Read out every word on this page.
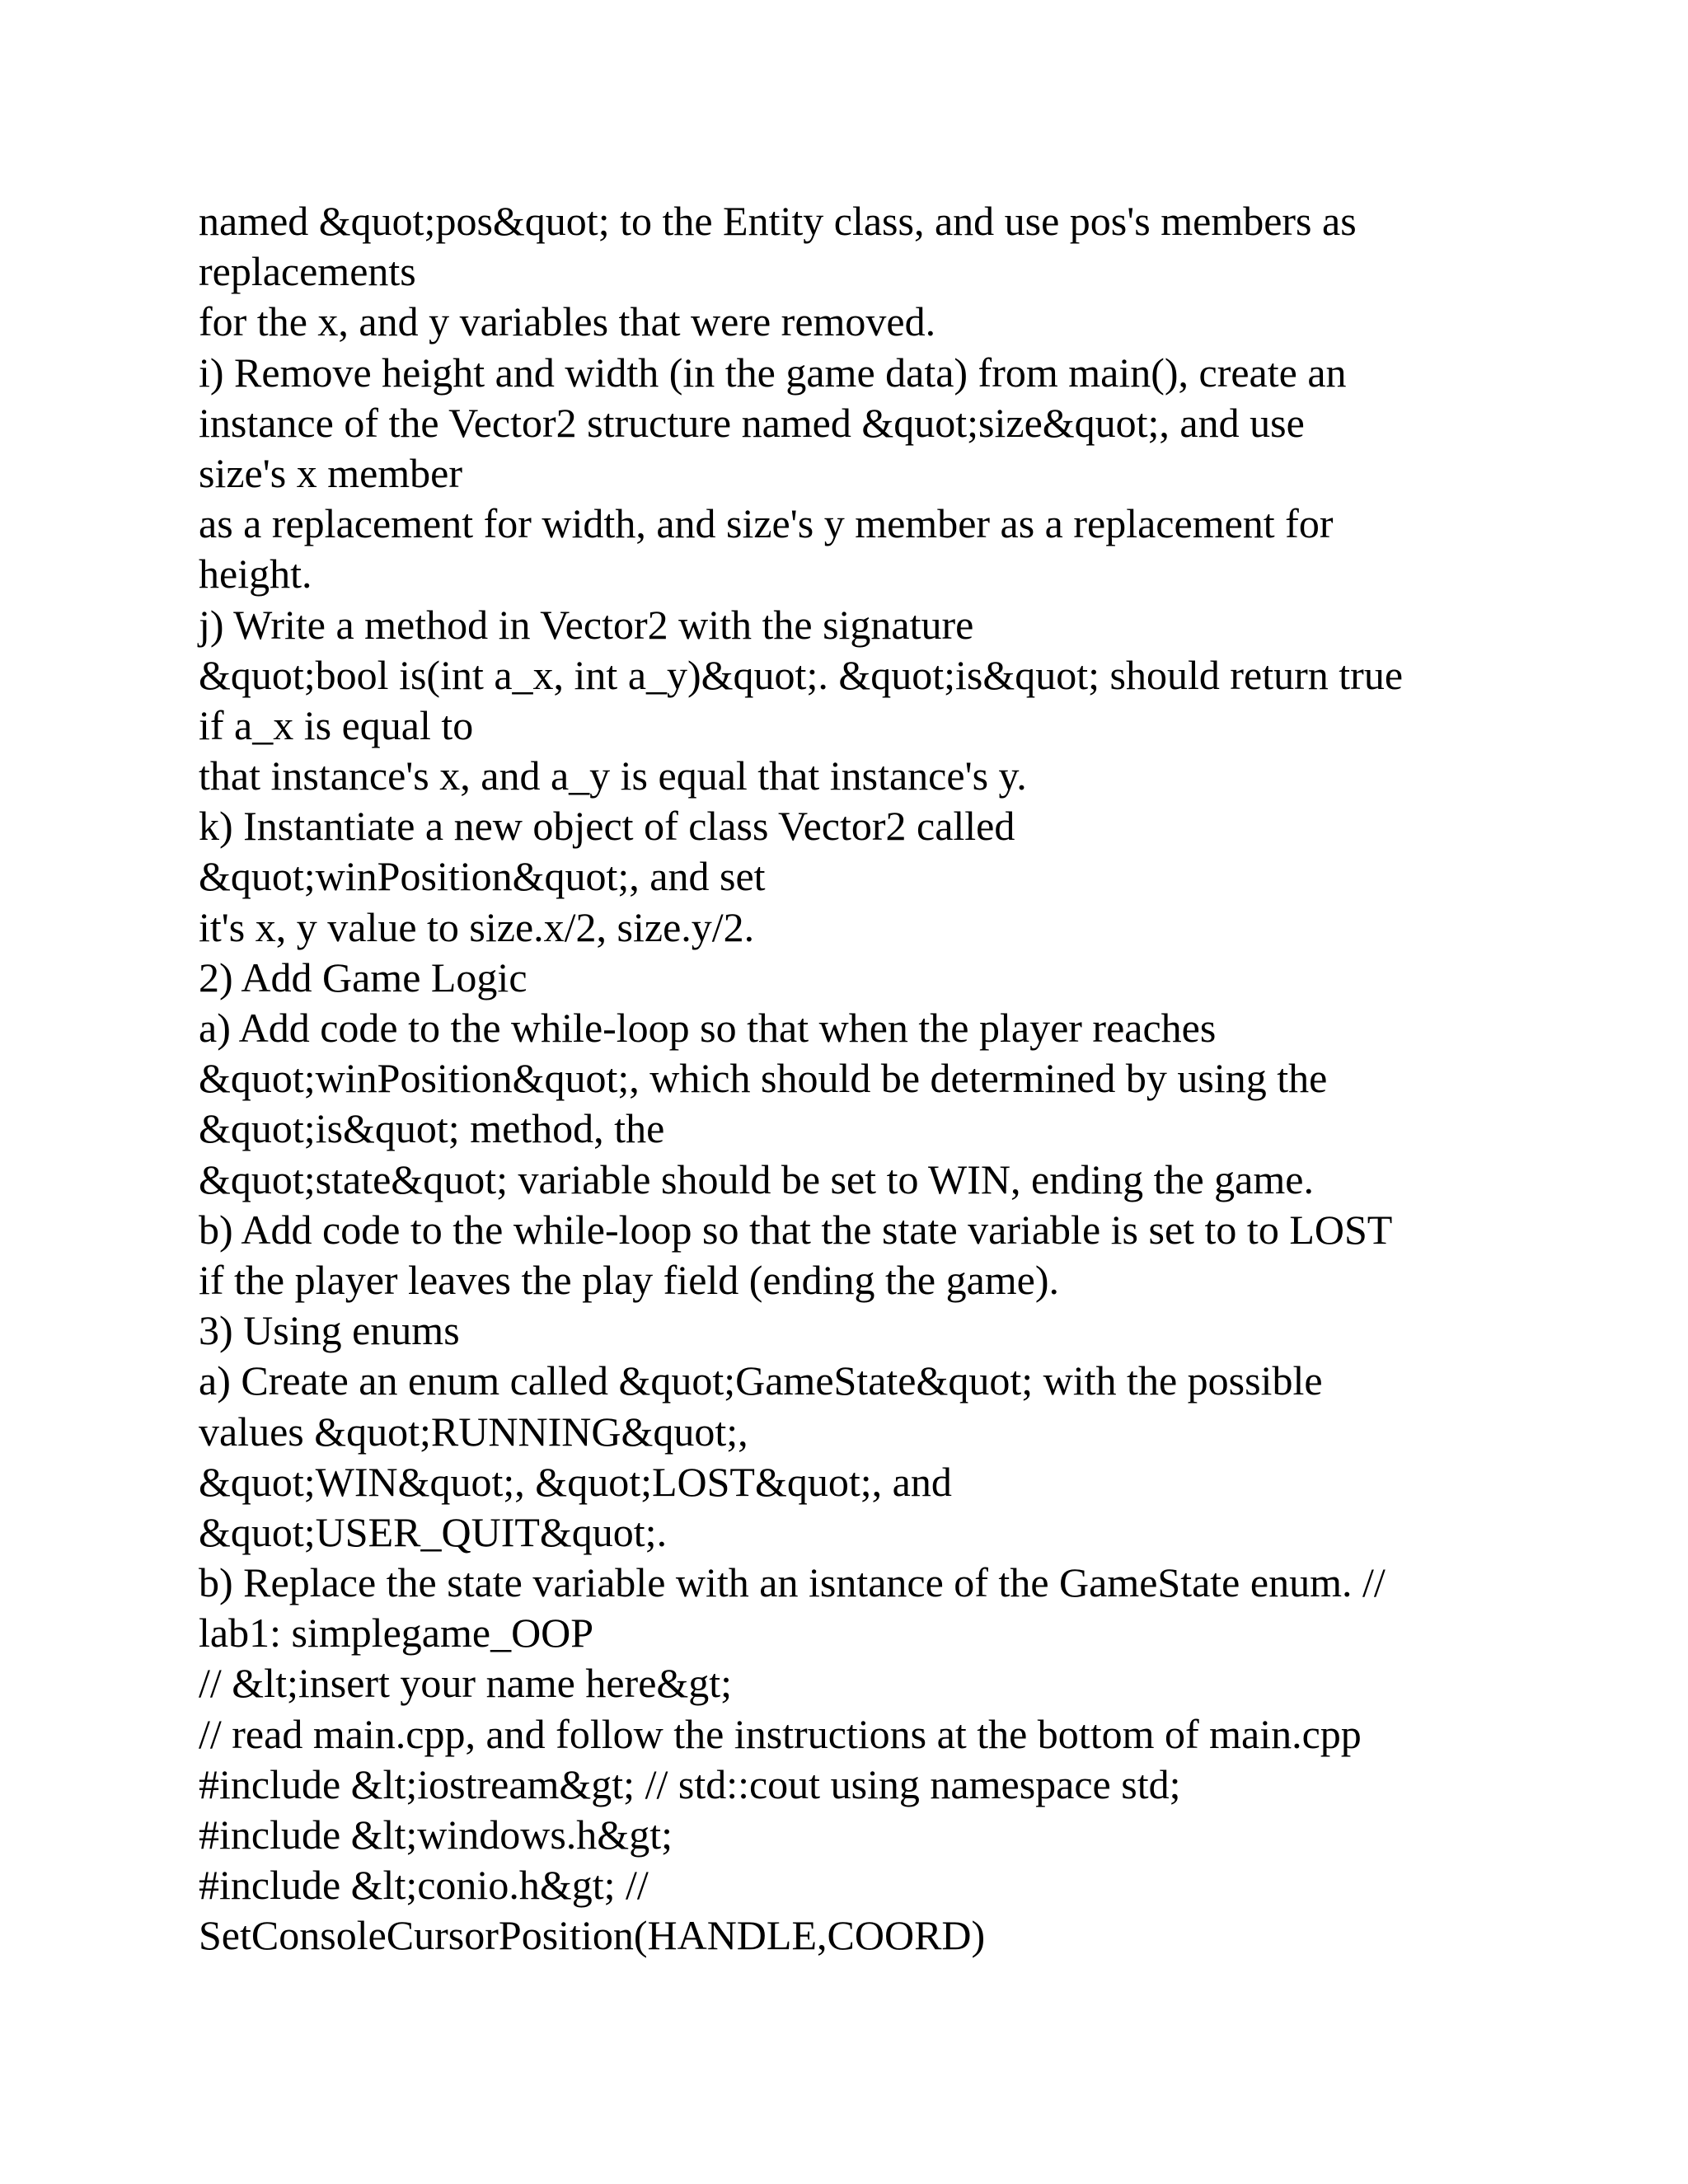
named &quot;pos&quot; to the Entity class, and use pos's members as
replacements
for the x, and y variables that were removed.
i) Remove height and width (in the game data) from main(), create an
instance of the Vector2 structure named &quot;size&quot;, and use
size's x member
as a replacement for width, and size's y member as a replacement for
height.
j) Write a method in Vector2 with the signature
&quot;bool is(int a_x, int a_y)&quot;. &quot;is&quot; should return true
if a_x is equal to
that instance's x, and a_y is equal that instance's y.
k) Instantiate a new object of class Vector2 called
&quot;winPosition&quot;, and set
it's x, y value to size.x/2, size.y/2.
2) Add Game Logic
a) Add code to the while-loop so that when the player reaches
&quot;winPosition&quot;, which should be determined by using the
&quot;is&quot; method, the
&quot;state&quot; variable should be set to WIN, ending the game.
b) Add code to the while-loop so that the state variable is set to to LOST
if the player leaves the play field (ending the game).
3) Using enums
a) Create an enum called &quot;GameState&quot; with the possible
values &quot;RUNNING&quot;,
&quot;WIN&quot;, &quot;LOST&quot;, and
&quot;USER_QUIT&quot;.
b) Replace the state variable with an isntance of the GameState enum. //
lab1: simplegame_OOP
// &lt;insert your name here&gt;
// read main.cpp, and follow the instructions at the bottom of main.cpp
#include &lt;iostream&gt; // std::cout using namespace std;
#include &lt;windows.h&gt;
#include &lt;conio.h&gt; //
SetConsoleCursorPosition(HANDLE,COORD)
